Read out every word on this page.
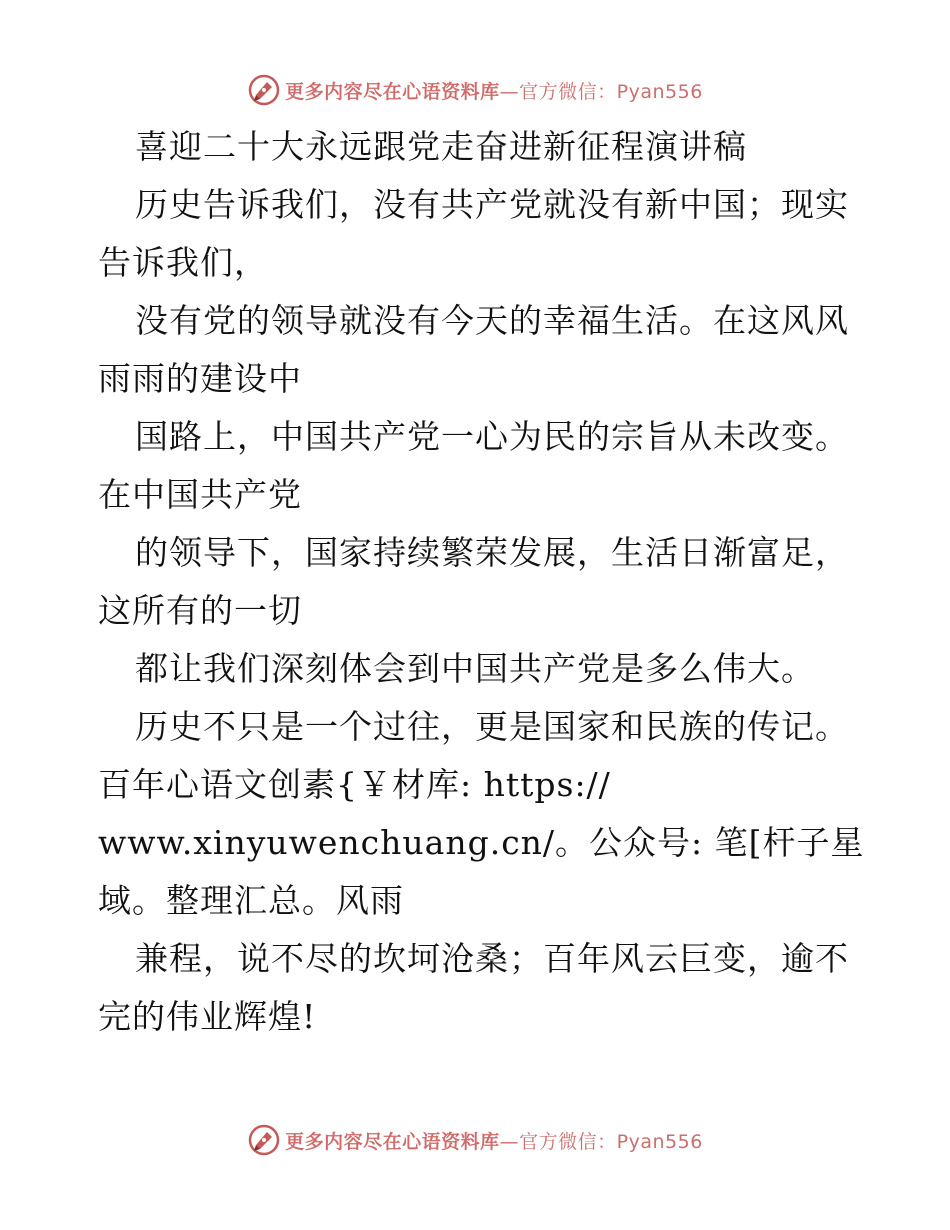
更多内容尽在心语资料库—官方微信：Pyan556
喜迎二十大永远跟党走奋进新征程演讲稿
历史告诉我们，没有共产党就没有新中国；现实
告诉我们，
没有党的领导就没有今天的幸福生活。在这风风
雨雨的建设中
国路上，中国共产党一心为民的宗旨从未改变。
在中国共产党
的领导下，国家持续繁荣发展，生活日渐富足，
这所有的一切
都让我们深刻体会到中国共产党是多么伟大。
历史不只是一个过往，更是国家和民族的传记。
百年心语文创素{￥材库: https://
www.xinyuwenchuang.cn/。公众号: 笔[杆子星
域。整理汇总。风雨
兼程，说不尽的坎坷沧桑；百年风云巨变，逾不
完的伟业辉煌!
更多内容尽在心语资料库—官方微信：Pyan556
